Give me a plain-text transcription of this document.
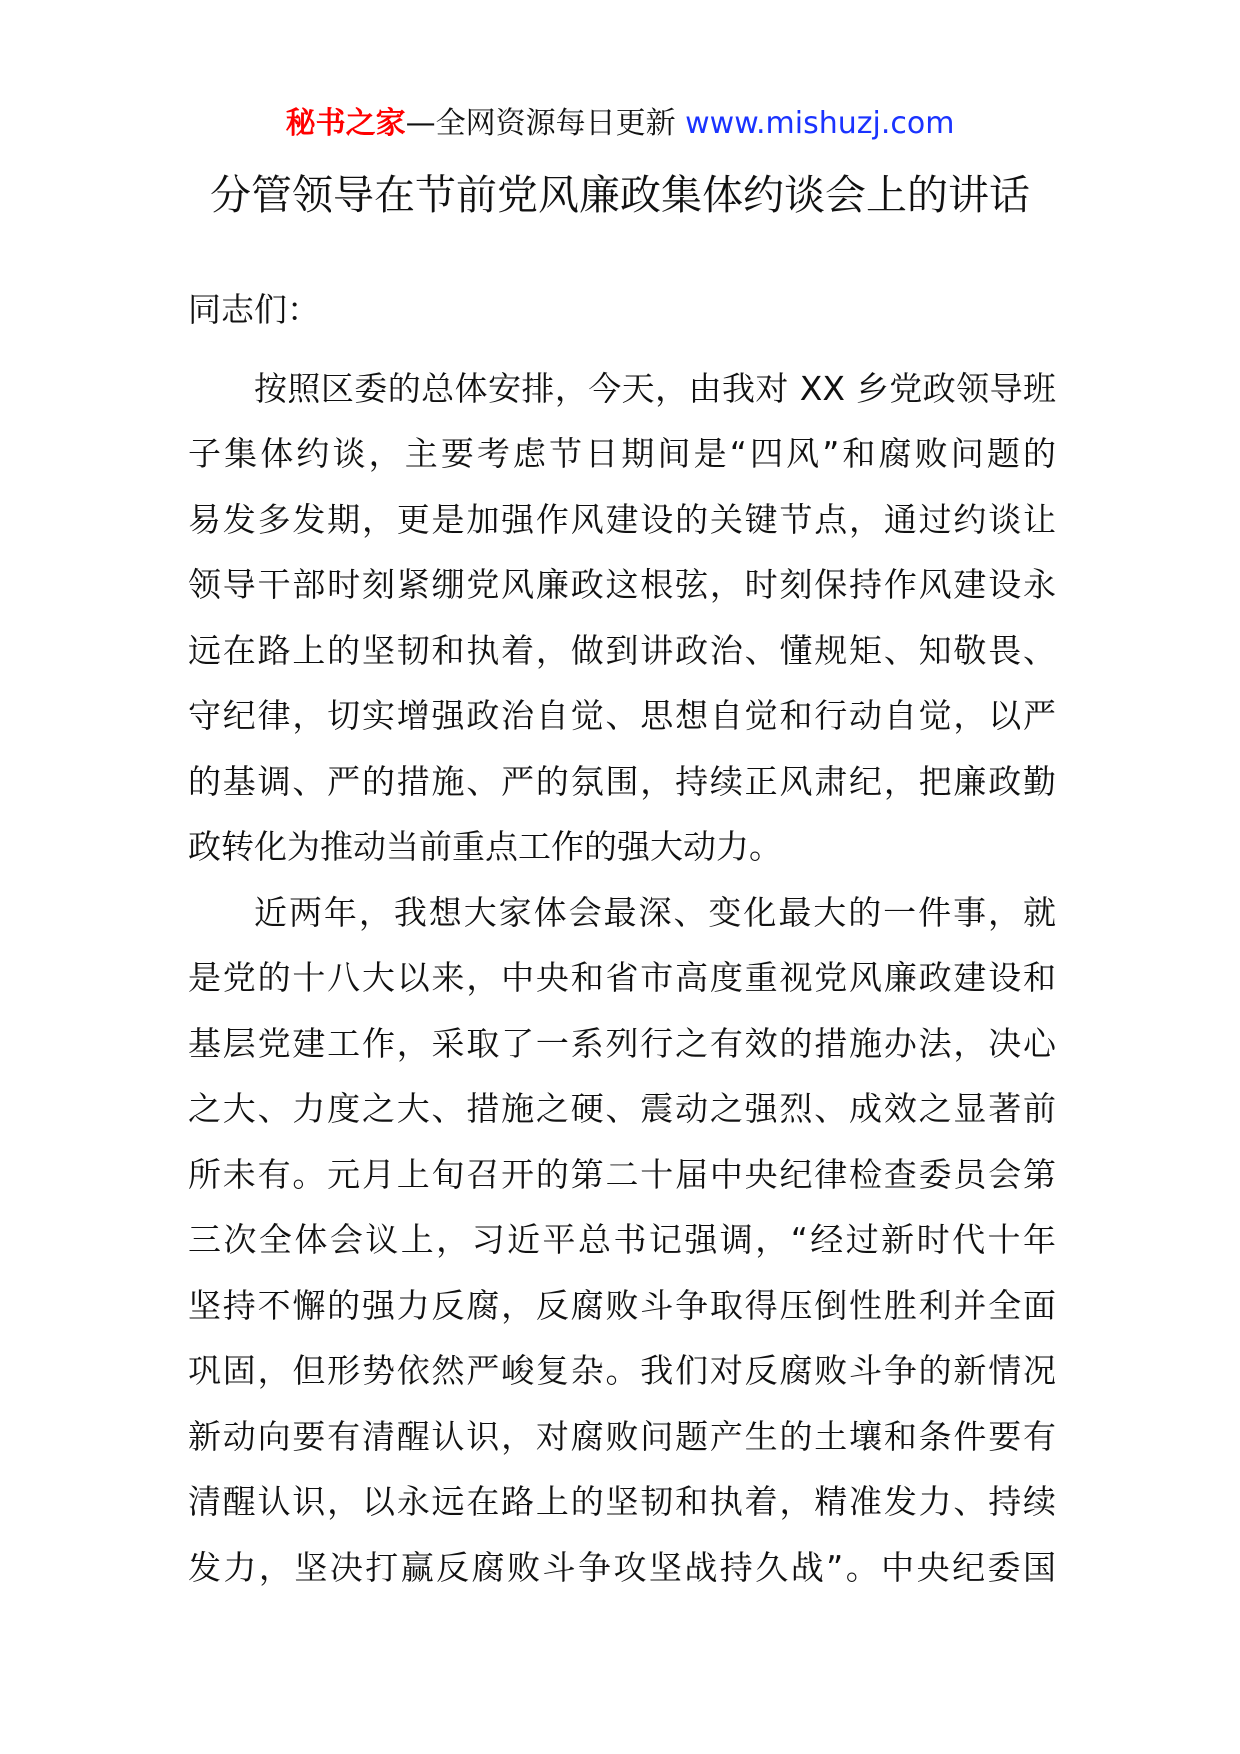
秘书之家—全网资源每日更新 www.mishuzj.com
分管领导在节前党风廉政集体约谈会上的讲话

同志们：

按照区委的总体安排，今天，由我对 XX 乡党政领导班
子集体约谈，主要考虑节日期间是“四风”和腐败问题的
易发多发期，更是加强作风建设的关键节点，通过约谈让
领导干部时刻紧绷党风廉政这根弦，时刻保持作风建设永
远在路上的坚韧和执着，做到讲政治、懂规矩、知敬畏、
守纪律，切实增强政治自觉、思想自觉和行动自觉，以严
的基调、严的措施、严的氛围，持续正风肃纪，把廉政勤
政转化为推动当前重点工作的强大动力。

近两年，我想大家体会最深、变化最大的一件事，就
是党的十八大以来，中央和省市高度重视党风廉政建设和
基层党建工作，采取了一系列行之有效的措施办法，决心
之大、力度之大、措施之硬、震动之强烈、成效之显著前
所未有。元月上旬召开的第二十届中央纪律检查委员会第
三次全体会议上，习近平总书记强调，“经过新时代十年
坚持不懈的强力反腐，反腐败斗争取得压倒性胜利并全面
巩固，但形势依然严峻复杂。我们对反腐败斗争的新情况
新动向要有清醒认识，对腐败问题产生的土壤和条件要有
清醒认识，以永远在路上的坚韧和执着，精准发力、持续
发力，坚决打赢反腐败斗争攻坚战持久战”。中央纪委国
